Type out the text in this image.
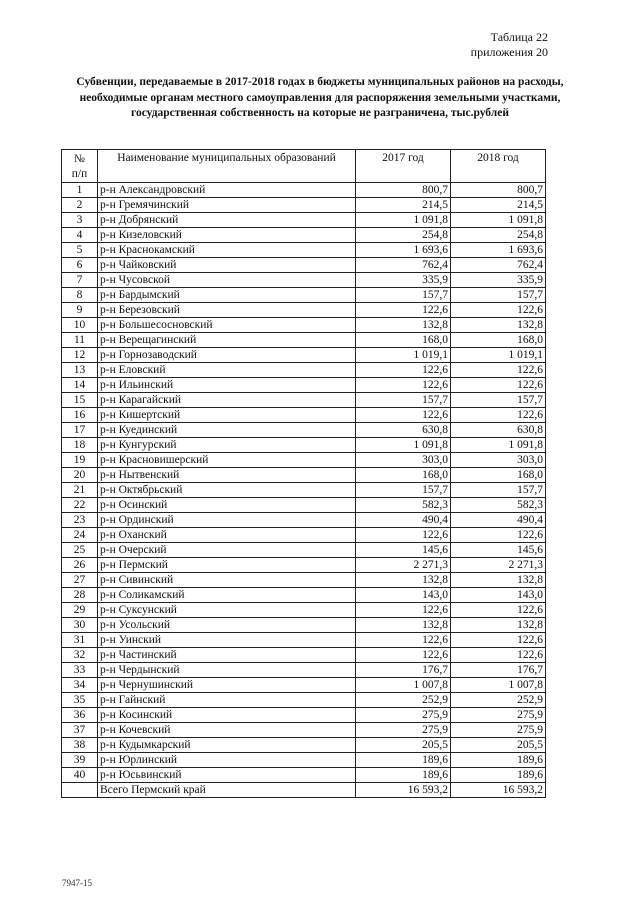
Таблица 22
приложения 20
Субвенции, передаваемые в 2017-2018 годах в бюджеты муниципальных районов на расходы, необходимые органам местного самоуправления для распоряжения земельными участками, государственная собственность на которые не разграничена, тыс.рублей
№
п/п	Наименование муниципальных образований	2017 год	2018 год
1	р-н Александровский	800,7	800,7
2	р-н Гремячинский	214,5	214,5
3	р-н Добрянский	1 091,8	1 091,8
4	р-н Кизеловский	254,8	254,8
5	р-н Краснокамский	1 693,6	1 693,6
6	р-н Чайковский	762,4	762,4
7	р-н Чусовской	335,9	335,9
8	р-н Бардымский	157,7	157,7
9	р-н Березовский	122,6	122,6
10	р-н Большесосновский	132,8	132,8
11	р-н Верещагинский	168,0	168,0
12	р-н Горнозаводский	1 019,1	1 019,1
13	р-н Еловский	122,6	122,6
14	р-н Ильинский	122,6	122,6
15	р-н Карагайский	157,7	157,7
16	р-н Кишертский	122,6	122,6
17	р-н Куединский	630,8	630,8
18	р-н Кунгурский	1 091,8	1 091,8
19	р-н Красновишерский	303,0	303,0
20	р-н Нытвенский	168,0	168,0
21	р-н Октябрьский	157,7	157,7
22	р-н Осинский	582,3	582,3
23	р-н Ординский	490,4	490,4
24	р-н Оханский	122,6	122,6
25	р-н Очерский	145,6	145,6
26	р-н Пермский	2 271,3	2 271,3
27	р-н Сивинский	132,8	132,8
28	р-н Соликамский	143,0	143,0
29	р-н Суксунский	122,6	122,6
30	р-н Усольский	132,8	132,8
31	р-н Уинский	122,6	122,6
32	р-н Частинский	122,6	122,6
33	р-н Чердынский	176,7	176,7
34	р-н Чернушинский	1 007,8	1 007,8
35	р-н Гайнский	252,9	252,9
36	р-н Косинский	275,9	275,9
37	р-н Кочевский	275,9	275,9
38	р-н Кудымкарский	205,5	205,5
39	р-н Юрлинский	189,6	189,6
40	р-н Юсьвинский	189,6	189,6
	Всего Пермский край	16 593,2	16 593,2
7947-15
